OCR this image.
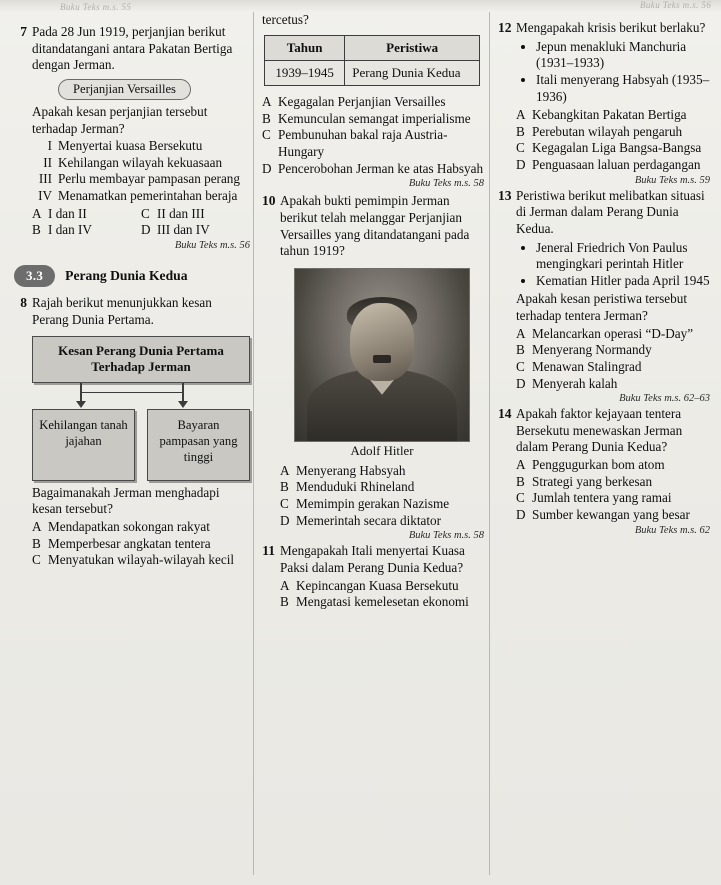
Buku Teks m.s. 55	Buku Teks m.s. 56
7 Pada 28 Jun 1919, perjanjian berikut ditandatangani antara Pakatan Bertiga dengan Jerman.

Perjanjian Versailles

Apakah kesan perjanjian tersebut terhadap Jerman?

I Menyertai kuasa Bersekutu
II Kehilangan wilayah kekuasaan
III Perlu membayar pampasan perang
IV Menamatkan pemerintahan beraja
A I dan II	C II dan III
B I dan IV	D III dan IV
Buku Teks m.s. 56
3.3	Perang Dunia Kedua
8 Rajah berikut menunjukkan kesan Perang Dunia Pertama.

Kesan Perang Dunia Pertama Terhadap Jerman
Kehilangan tanah jajahan
Bayaran pampasan yang tinggi

Bagaimanakah Jerman menghadapi kesan tersebut?

A Mendapatkan sokongan rakyat
B Memperbesar angkatan tentera
C Menyatukan wilayah-wilayah kecil

tercetus?

Tahun	Peristiwa
1939–1945	Perang Dunia Kedua
A Kegagalan Perjanjian Versailles
B Kemunculan semangat imperialisme
C Pembunuhan bakal raja Austria-Hungary
D Pencerobohan Jerman ke atas Habsyah
Buku Teks m.s. 58
10 Apakah bukti pemimpin Jerman berikut telah melanggar Perjanjian Versailles yang ditandatangani pada tahun 1919?

Adolf Hitler
A Menyerang Habsyah
B Menduduki Rhineland
C Memimpin gerakan Nazisme
D Memerintah secara diktator
Buku Teks m.s. 58
11 Mengapakah Itali menyertai Kuasa Paksi dalam Perang Dunia Kedua?

A Kepincangan Kuasa Bersekutu
B Mengatasi kemelesetan ekonomi
12 Mengapakah krisis berikut berlaku?

• Jepun menakluki Manchuria (1931–1933)
• Itali menyerang Habsyah (1935–1936)
A Kebangkitan Pakatan Bertiga
B Perebutan wilayah pengaruh
C Kegagalan Liga Bangsa-Bangsa
D Penguasaan laluan perdagangan
Buku Teks m.s. 59
13 Peristiwa berikut melibatkan situasi di Jerman dalam Perang Dunia Kedua.

• Jeneral Friedrich Von Paulus mengingkari perintah Hitler
• Kematian Hitler pada April 1945

Apakah kesan peristiwa tersebut terhadap tentera Jerman?

A Melancarkan operasi “D-Day”
B Menyerang Normandy
C Menawan Stalingrad
D Menyerah kalah
Buku Teks m.s. 62–63
14 Apakah faktor kejayaan tentera Bersekutu menewaskan Jerman dalam Perang Dunia Kedua?

A Penggugurkan bom atom
B Strategi yang berkesan
C Jumlah tentera yang ramai
D Sumber kewangan yang besar
Buku Teks m.s. 62
